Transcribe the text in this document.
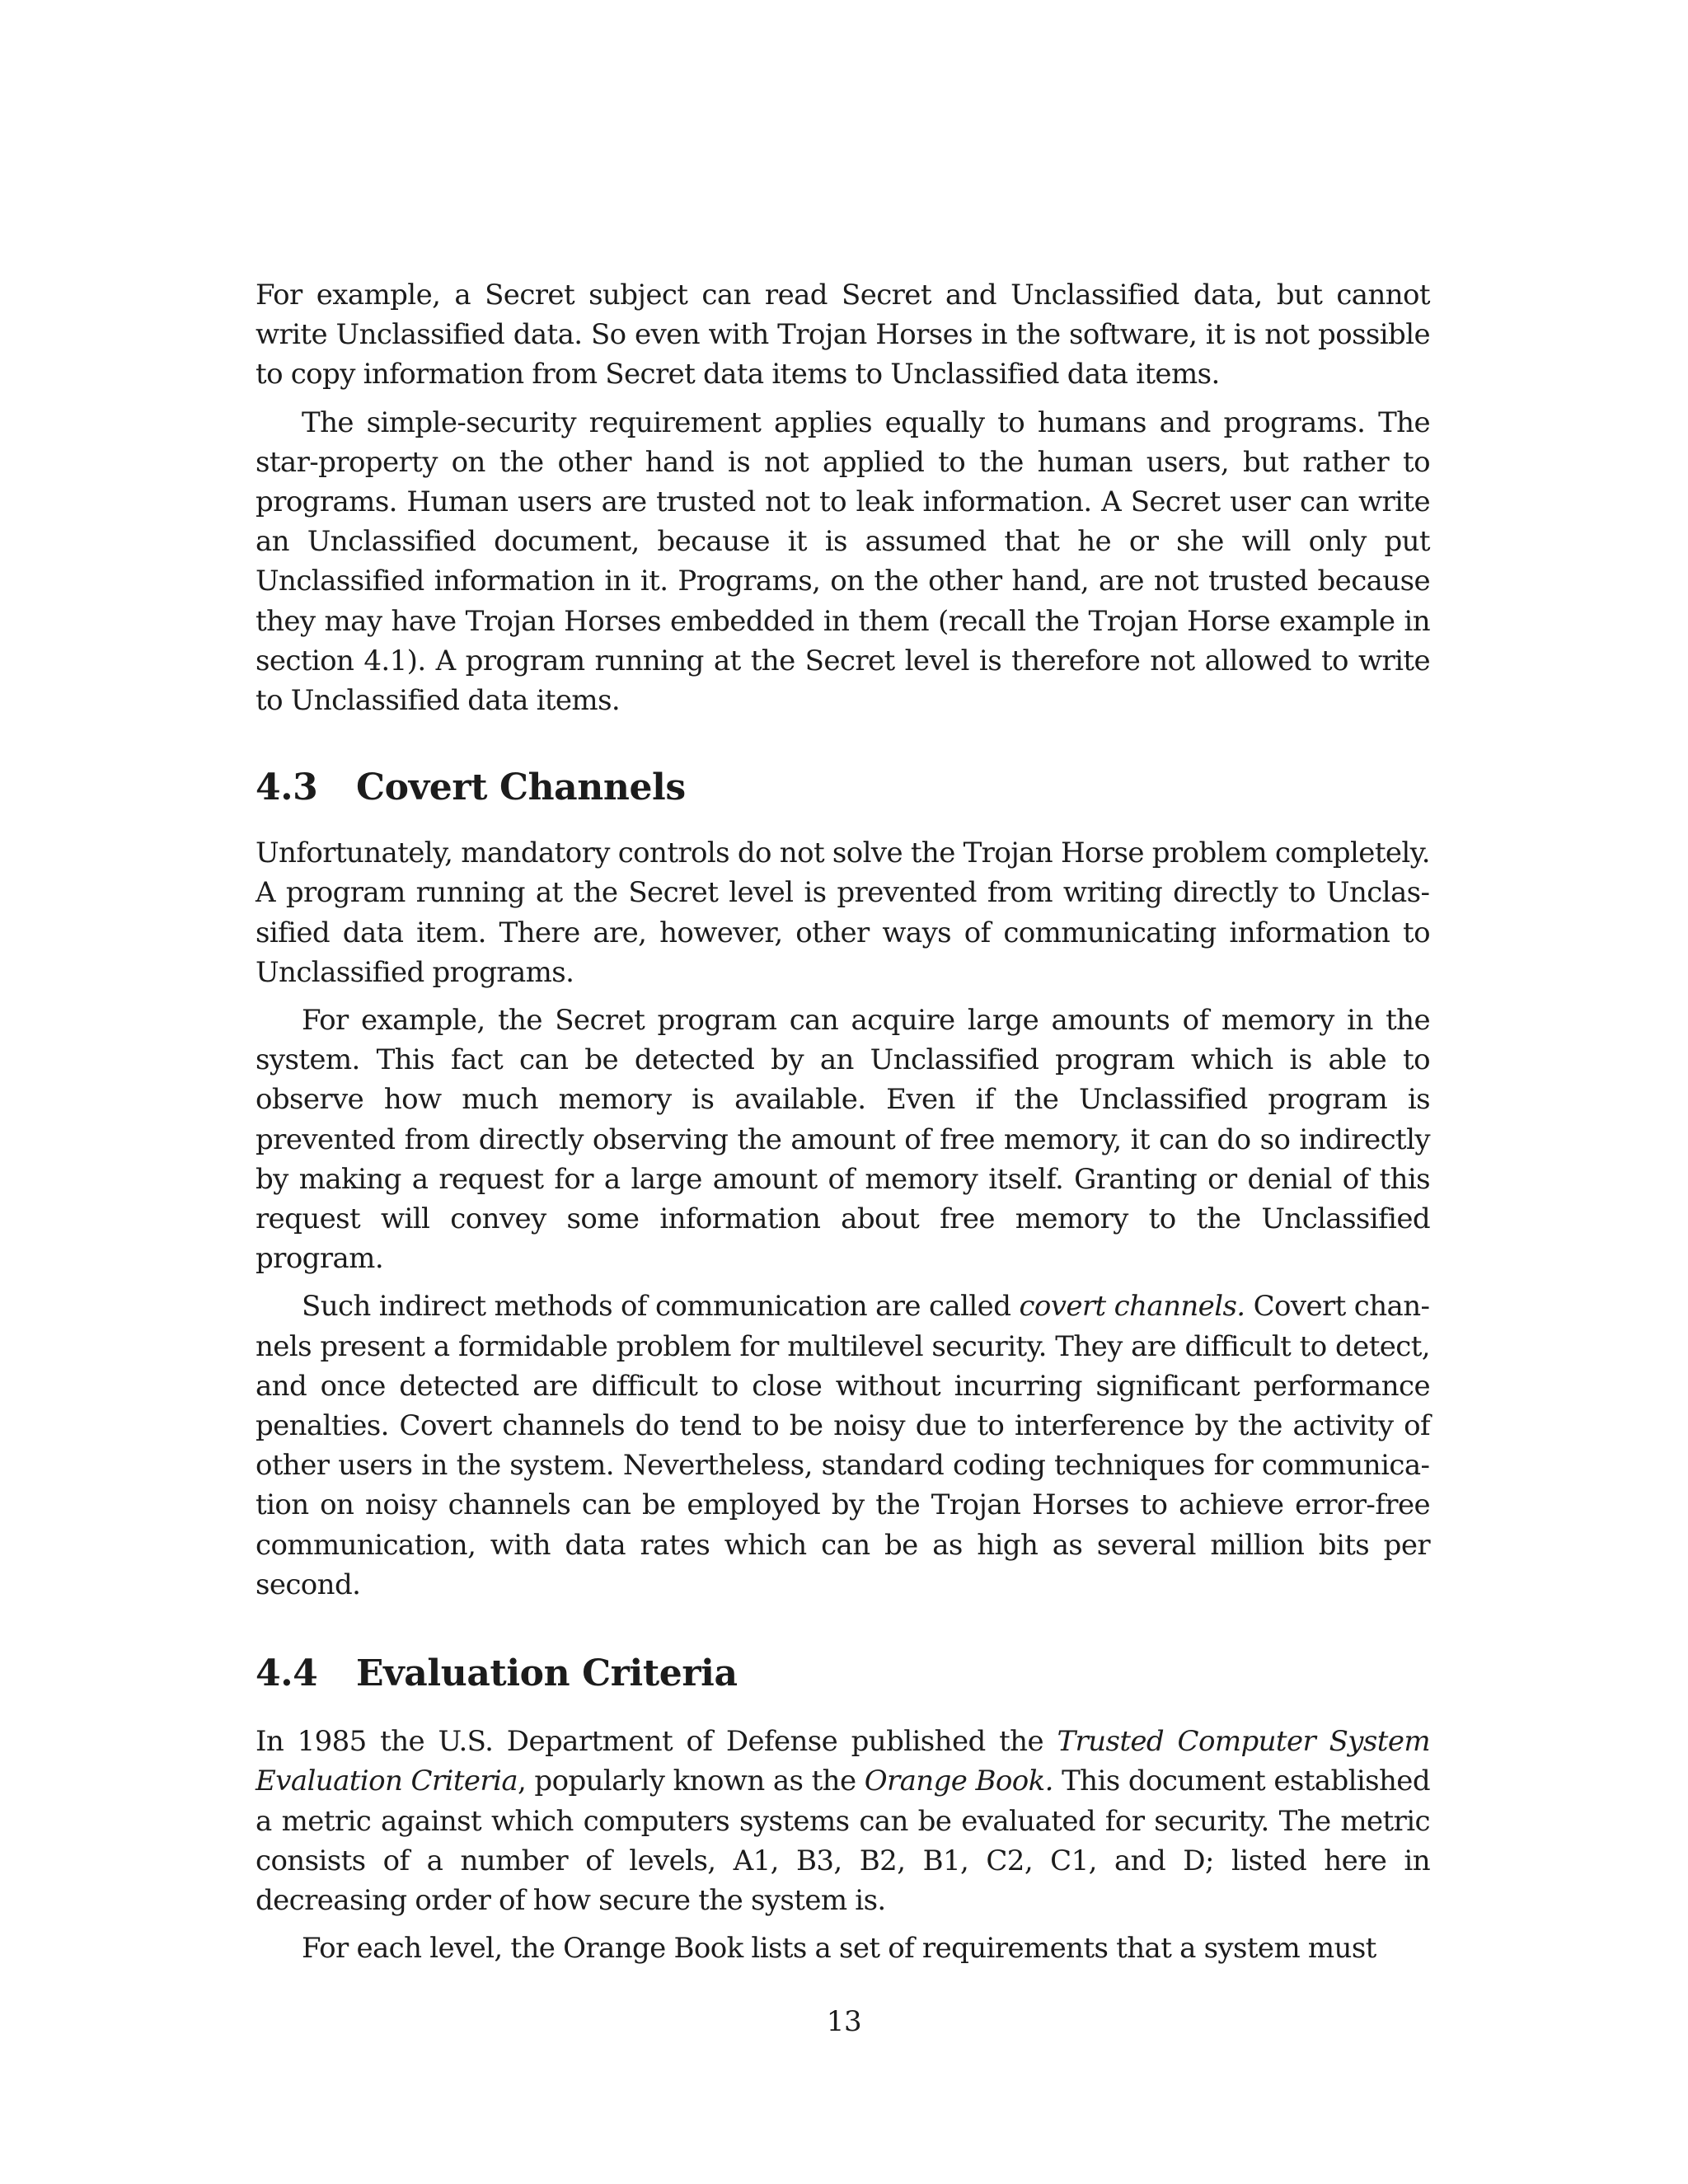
For example, a Secret subject can read Secret and Unclassified data, but cannot write Unclassified data. So even with Trojan Horses in the software, it is not possible to copy information from Secret data items to Unclassified data items.

The simple-security requirement applies equally to humans and programs. The star-property on the other hand is not applied to the human users, but rather to programs. Human users are trusted not to leak information. A Secret user can write an Unclassified document, because it is assumed that he or she will only put Unclassified information in it. Programs, on the other hand, are not trusted because they may have Trojan Horses embedded in them (recall the Trojan Horse example in section 4.1). A program running at the Secret level is therefore not allowed to write to Unclassified data items.

4.3 Covert Channels

Unfortunately, mandatory controls do not solve the Trojan Horse problem completely. A program running at the Secret level is prevented from writing directly to Unclassified data item. There are, however, other ways of communicating information to Unclassified programs.

For example, the Secret program can acquire large amounts of memory in the system. This fact can be detected by an Unclassified program which is able to observe how much memory is available. Even if the Unclassified program is prevented from directly observing the amount of free memory, it can do so indirectly by making a request for a large amount of memory itself. Granting or denial of this request will convey some information about free memory to the Unclassified program.

Such indirect methods of communication are called covert channels. Covert channels present a formidable problem for multilevel security. They are difficult to detect, and once detected are difficult to close without incurring significant performance penalties. Covert channels do tend to be noisy due to interference by the activity of other users in the system. Nevertheless, standard coding techniques for communication on noisy channels can be employed by the Trojan Horses to achieve error-free communication, with data rates which can be as high as several million bits per second.

4.4 Evaluation Criteria

In 1985 the U.S. Department of Defense published the Trusted Computer System Evaluation Criteria, popularly known as the Orange Book. This document established a metric against which computers systems can be evaluated for security. The metric consists of a number of levels, A1, B3, B2, B1, C2, C1, and D; listed here in decreasing order of how secure the system is.

For each level, the Orange Book lists a set of requirements that a system must

13
